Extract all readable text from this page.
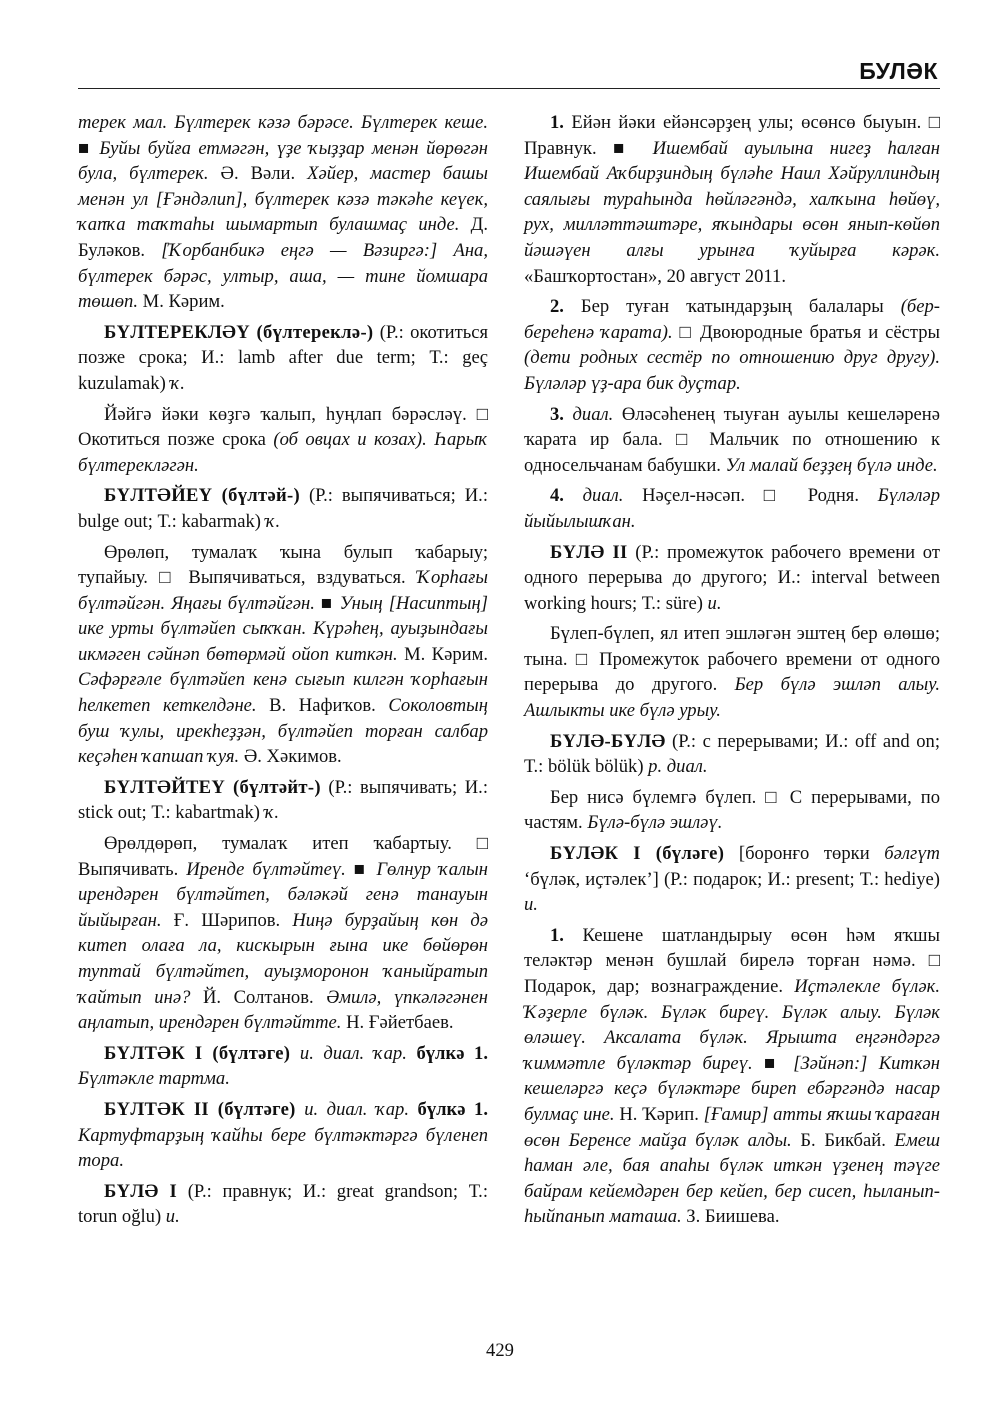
БУЛӘК

терек мал. Бүлтерек кәзә бәрәсе. Бүлтерек кеше. ■ Буйы буйға етмәгән, үҙе ҡыҙҙар менән йөрөгән була, бүлтерек. Ә. Вәли. Хәйер, мастер башы менән ул [Ғәндәлип], бүлтерек кәзә тәкәһе кеүек, ҡапҡа таҡтаһы шымартып булашмаҫ инде. Д. Буләков. [Ҡорбанбикә еңгә — Вәзиргә:] Ана, бүлтерек бәрәс, ултыр, аша, — тине йомшара төшөп. М. Кәрим.

БҮЛТЕРЕКЛӘҮ (бүлтереклә-) (Р.: окотиться позже срока; И.: lamb after due term; Т.: geç kuzulamak) ҡ.

Йәйгә йәки көҙгә ҡалып, һуңлап бәрәсләү. □ Окотиться позже срока (об овцах и козах). Һарыҡ бүлтерекләгән.

БҮЛТӘЙЕҮ (бүлтәй-) (Р.: выпячиваться; И.: bulge out; Т.: kabarmak) ҡ.

Өрөлөп, тумалаҡ ҡына булып ҡабарыу; тупайыу. □ Выпячиваться, вздуваться. Ҡорһағы бүлтәйгән. Яңағы бүлтәйгән. ■ Уның [Насиптың] ике урты бүлтәйеп сыҡҡан. Күрәһең, ауыҙындағы икмәген сәйнәп бөтөрмәй ойоп киткән. М. Кәрим. Сәфәрғәле бүлтәйеп кенә сығып килгән ҡорһағын һелкетеп кеткелдәне. В. Нафиҡов. Соколовтың буш ҡулы, ирекһеҙҙән, бүлтәйеп торған салбар кеҫәһен ҡапшап ҡуя. Ә. Хәкимов.

БҮЛТӘЙТЕҮ (бүлтәйт-) (Р.: выпячивать; И.: stick out; Т.: kabartmak) ҡ.

Өрөлдөрөп, тумалаҡ итеп ҡабартыу. □ Выпячивать. Иренде бүлтәйтеү. ■ Гөлнур ҡалын ирендәрен бүлтәйтеп, бәләкәй генә танауын йыйырған. Ғ. Шәрипов. Ниңә бурҙайың көн дә китеп олаға ла, кискырын ғына ике бөйөрөн туптай бүлтәйтеп, ауыҙморонон ҡаныйратып ҡайтып инә? Й. Солтанов. Әмилә, үпкәләгәнен аңлатып, ирендәрен бүлтәйтте. Н. Ғәйетбаев.

БҮЛТӘК I (бүлтәге) и. диал. ҡар. бүлкә 1. Бүлтәкле тартма.

БҮЛТӘК II (бүлтәге) и. диал. ҡар. бүлкә 1. Картуфтарҙың ҡайһы бере бүлтәктәргә бүленеп тора.

БҮЛӘ I (Р.: правнук; И.: great grandson; Т.: torun oğlu) и.

1. Ейән йәки ейәнсәрҙең улы; өсөнсө быуын. □ Правнук. ■ Ишембай ауылына нигеҙ һалған Ишембай Аҡбирҙиндың бүләһе Наил Хәйруллиндың саялығы тураһында һөйләгәндә, халҡына һөйөү, рух, милләттәштәре, яҡындары өсөн янып-көйөп йәшәүен алғы урынға ҡуйырға кәрәк. «Башҡортостан», 20 август 2011.

2. Бер туған ҡатындарҙың балалары (бер-береһенә ҡарата). □ Двоюродные братья и сёстры (дети родных сестёр по отношению друг другу). Бүләләр үҙ-ара бик дуҫтар.

3. диал. Өләсәһенең тыуған ауылы кешеләренә ҡарата ир бала. □ Мальчик по отношению к односельчанам бабушки. Ул малай беҙҙең бүлә инде.

4. диал. Нәҫел-нәсәп. □ Родня. Бүләләр йыйылышҡан.

БҮЛӘ II (Р.: промежуток рабочего времени от одного перерыва до другого; И.: interval between working hours; Т.: süre) и.

Бүлеп-бүлеп, ял итеп эшләгән эштең бер өлөшө; тына. □ Промежуток рабочего времени от одного перерыва до другого. Бер бүлә эшләп алыу. Ашлыкты ике бүлә урыу.

БҮЛӘ-БҮЛӘ (Р.: с перерывами; И.: off and on; Т.: bölük bölük) р. диал.

Бер нисә бүлемгә бүлеп. □ С перерывами, по частям. Бүлә-бүлә эшләү.

БҮЛӘК I (бүләге) [боронғо төрки бәлгүт ‘бүләк, иҫтәлек’] (Р.: подарок; И.: present; Т.: hediye) и.

1. Кешене шатландырыу өсөн һәм яҡшы теләктәр менән бушлай бирелә торған нәмә. □ Подарок, дар; вознаграждение. Иҫтәлекле бүләк. Ҡәҙерле бүләк. Бүләк биреү. Бүләк алыу. Бүләк өләшеү. Аксалата бүләк. Ярышта еңгәндәргә ҡиммәтле бүләктәр биреү. ■ [Зәйнәп:] Киткән кешеләргә кеҫә бүләктәре биреп ебәргәндә насар булмаҫ ине. Н. Ҡәрип. [Ғамир] атты яҡшы ҡараған өсөн Беренсе майҙа бүләк алды. Б. Бикбай. Емеш һаман әле, бая апаһы бүләк иткән үҙенең тәүге байрам кейемдәрен бер кейеп, бер сисеп, һыланып-һыйпанып маташа. З. Биишева.

429
